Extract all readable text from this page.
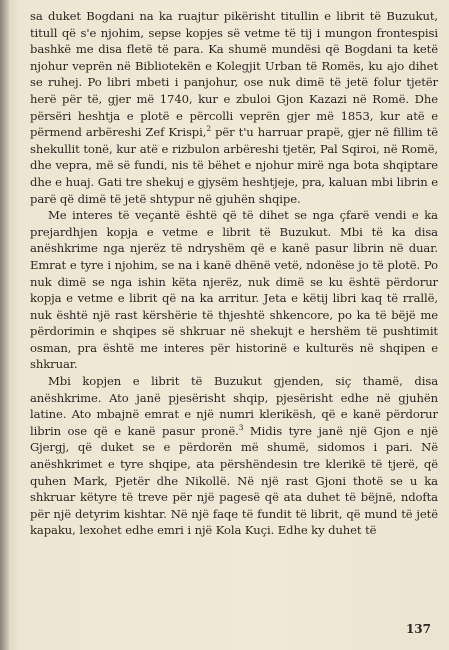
sa duket Bogdani na ka ruajtur pikërisht titullin e librit të Buzukut, titull që s'e njohim, sepse kopjes së vetme të tij i mungon frontespisi bashkë me disa fletë të para. Ka shumë mundësi që Bogdani ta ketë njohur veprën në Bibliotekën e Kolegjit Urban të Romës, ku ajo dihet se ruhej. Po libri mbeti i panjohur, ose nuk dimë të jetë folur tjetër herë për të, gjer më 1740, kur e zbuloi Gjon Kazazi në Romë. Dhe përsëri heshtja e plotë e përcolli veprën gjer më 1853, kur atë e përmend arbëreshi Zef Krispi,$^2$ për t'u harruar prapë, gjer në fillim të shekullit tonë, kur atë e rizbulon arbëreshi tjetër, Pal Sqiroi, në Romë, dhe vepra, më së fundi, nis të bëhet e njohur mirë nga bota shqiptare dhe e huaj. Gati tre shekuj e gjysëm heshtjeje, pra, kaluan mbi librin e parë që dimë të jetë shtypur në gjuhën shqipe.

Me interes të veçantë është që të dihet se nga çfarë vendi e ka prejardhjen kopja e vetme e librit të Buzukut. Mbi të ka disa anëshkrime nga njerëz të ndryshëm që e kanë pasur librin në duar. Emrat e tyre i njohim, se na i kanë dhënë vetë, ndonëse jo të plotë. Po nuk dimë se nga ishin këta njerëz, nuk dimë se ku është përdorur kopja e vetme e librit që na ka arritur. Jeta e këtij libri kaq të rrallë, nuk është një rast kërshërie të thjeshtë shkencore, po ka të bëjë me përdorimin e shqipes së shkruar në shekujt e hershëm të pushtimit osman, pra është me interes për historinë e kulturës në shqipen e shkruar.

Mbi kopjen e librit të Buzukut gjenden, siç thamë, disa anëshkrime. Ato janë pjesërisht shqip, pjesërisht edhe në gjuhën latine. Ato mbajnë emrat e një numri klerikësh, që e kanë përdorur librin ose që e kanë pasur pronë.$^3$ Midis tyre janë një Gjon e një Gjergj, që duket se e përdorën më shumë, sidomos i pari. Në anëshkrimet e tyre shqipe, ata përshëndesin tre klerikë të tjerë, që quhen Mark, Pjetër dhe Nikollë. Në një rast Gjoni thotë se u ka shkruar këtyre të treve për një pagesë që ata duhet të bëjnë, ndofta për një detyrim kishtar. Në një faqe të fundit të librit, që mund të jetë kapaku, lexohet edhe emri i një Kola Kuçi. Edhe ky duhet të

137
